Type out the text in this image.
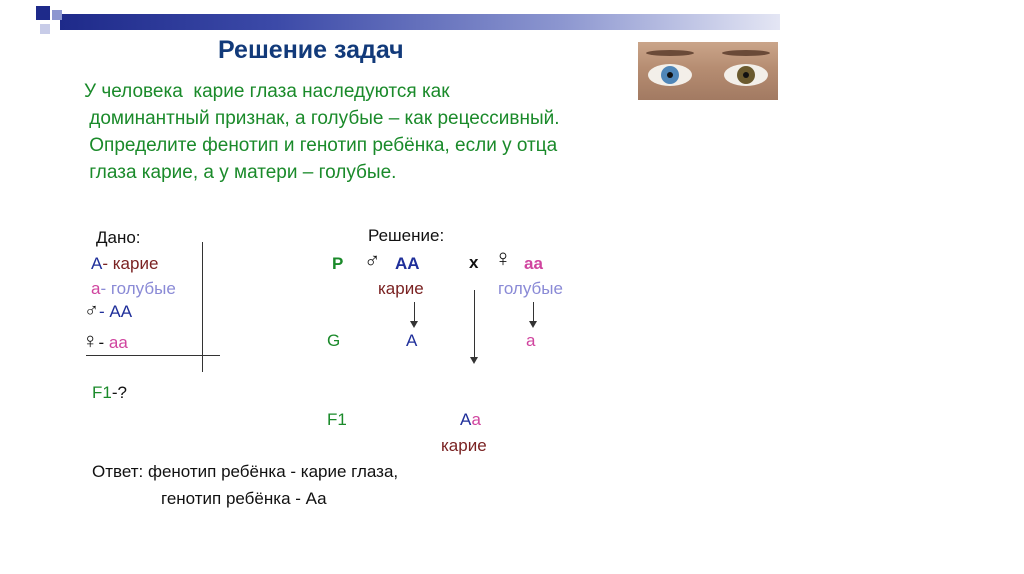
Решение задач
У человека  карие глаза наследуются как
доминантный признак, а голубые – как рецессивный.
Определите фенотип и генотип ребёнка, если у отца
глаза карие, а у матери – голубые.
Дано:
А- карие
а- голубые
♂- АА
♀- аа
F1-?
Решение:
Р ♂ АА	х ♀ аа
карие	голубые
G	А	а
F1	Аа
карие
Ответ: фенотип ребёнка - карие глаза,
генотип ребёнка - Аа
